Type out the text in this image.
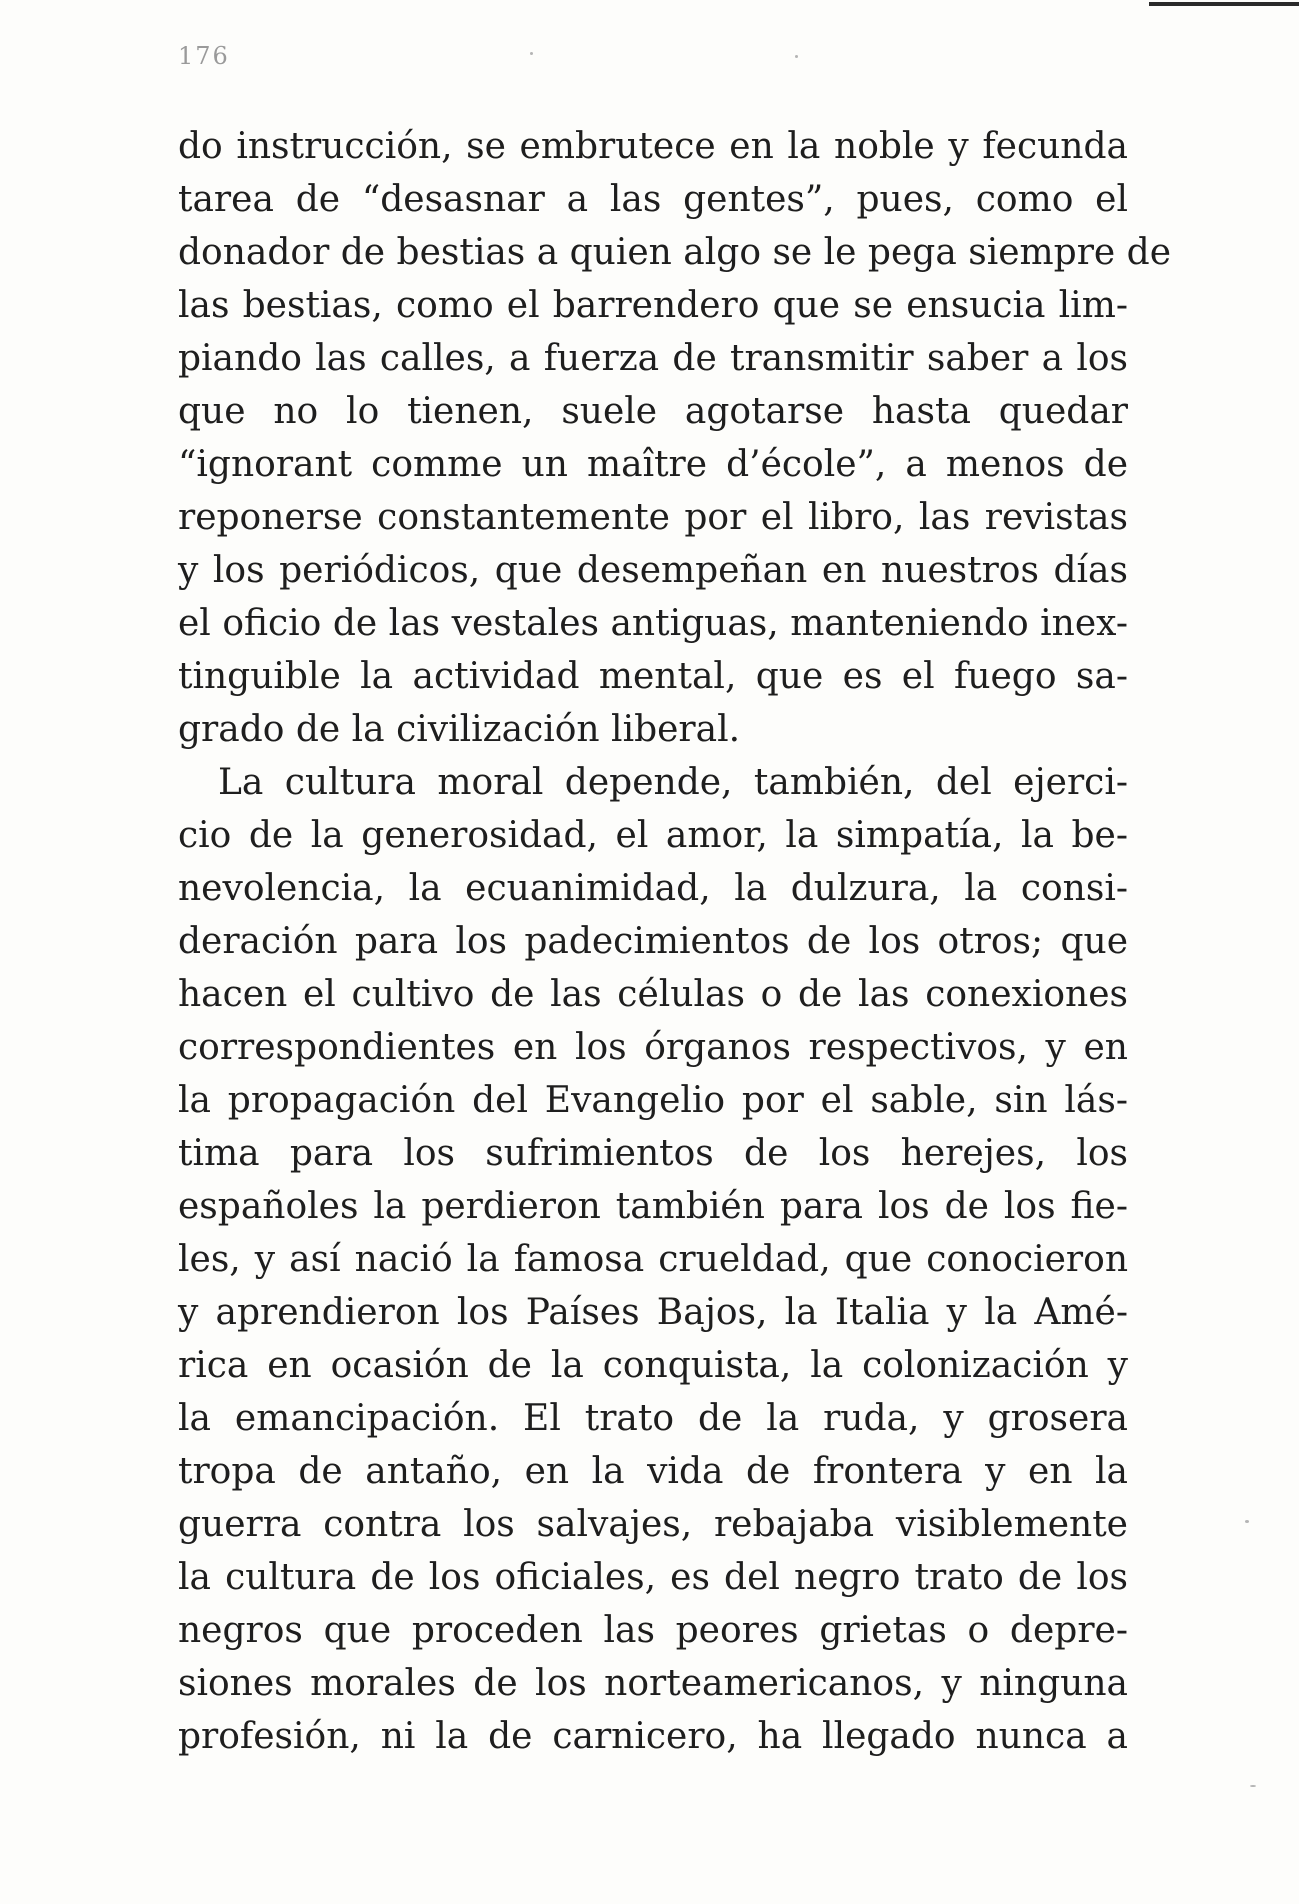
176
do instrucción, se embrutece en la noble y fecunda
tarea de “desasnar a las gentes”, pues, como el
donador de bestias a quien algo se le pega siempre de
las bestias, como el barrendero que se ensucia lim-
piando las calles, a fuerza de transmitir saber a los
que no lo tienen, suele agotarse hasta quedar
“ignorant comme un maître d’école”, a menos de
reponerse constantemente por el libro, las revistas
y los periódicos, que desempeñan en nuestros días
el oficio de las vestales antiguas, manteniendo inex-
tinguible la actividad mental, que es el fuego sa-
grado de la civilización liberal.
La cultura moral depende, también, del ejerci-
cio de la generosidad, el amor, la simpatía, la be-
nevolencia, la ecuanimidad, la dulzura, la consi-
deración para los padecimientos de los otros; que
hacen el cultivo de las células o de las conexiones
correspondientes en los órganos respectivos, y en
la propagación del Evangelio por el sable, sin lás-
tima para los sufrimientos de los herejes, los
españoles la perdieron también para los de los fie-
les, y así nació la famosa crueldad, que conocieron
y aprendieron los Países Bajos, la Italia y la Amé-
rica en ocasión de la conquista, la colonización y
la emancipación. El trato de la ruda, y grosera
tropa de antaño, en la vida de frontera y en la
guerra contra los salvajes, rebajaba visiblemente
la cultura de los oficiales, es del negro trato de los
negros que proceden las peores grietas o depre-
siones morales de los norteamericanos, y ninguna
profesión, ni la de carnicero, ha llegado nunca a
